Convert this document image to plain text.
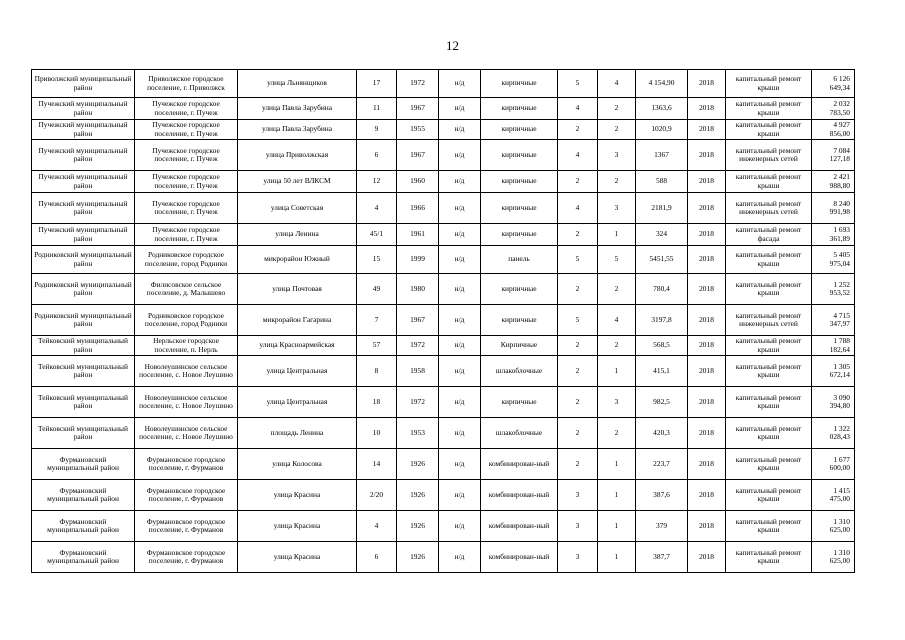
12
Приволжский муниципальный район	Приволжское городское поселение, г. Приволжск	улица Льнянщиков	17	1972	н/д	кирпичные	5	4	4 154,90	2018	капитальный ремонт крыши	6 126 649,34
Пучежский муниципальный район	Пучежское городское поселение, г. Пучеж	улица Павла Зарубина	11	1967	н/д	кирпичные	4	2	1363,6	2018	капитальный ремонт крыши	2 032 783,50
Пучежский муниципальный район	Пучежское городское поселение, г. Пучеж	улица Павла Зарубина	9	1955	н/д	кирпичные	2	2	1020,9	2018	капитальный ремонт крыши	4 927 856,00
Пучежский муниципальный район	Пучежское городское поселение, г. Пучеж	улица Приволжская	6	1967	н/д	кирпичные	4	3	1367	2018	капитальный ремонт инженерных сетей	7 084 127,18
Пучежский муниципальный район	Пучежское городское поселение, г. Пучеж	улица 50 лет ВЛКСМ	12	1960	н/д	кирпичные	2	2	588	2018	капитальный ремонт крыши	2 421 988,80
Пучежский муниципальный район	Пучежское городское поселение, г. Пучеж	улица Советская	4	1966	н/д	кирпичные	4	3	2181,9	2018	капитальный ремонт инженерных сетей	8 240 991,98
Пучежский муниципальный район	Пучежское городское поселение, г. Пучеж	улица Ленина	45/1	1961	н/д	кирпичные	2	1	324	2018	капитальный ремонт фасада	1 693 361,89
Родниковский муниципальный район	Родниковское городское поселение, город Родники	микрорайон Южный	15	1999	н/д	панель	5	5	5451,55	2018	капитальный ремонт крыши	5 405 975,04
Родниковский муниципальный район	Филисовское сельское поселение, д. Малышево	улица Почтовая	49	1980	н/д	кирпичные	2	2	780,4	2018	капитальный ремонт крыши	1 252 953,52
Родниковский муниципальный район	Родниковское городское поселение, город Родники	микрорайон Гагарина	7	1967	н/д	кирпичные	5	4	3197,8	2018	капитальный ремонт инженерных сетей	4 715 347,97
Тейковский муниципальный район	Нерльское городское поселение, п. Нерль	улица Красноармейская	57	1972	н/д	Кирпичные	2	2	568,5	2018	капитальный ремонт крыши	1 788 182,64
Тейковский муниципальный район	Новолеушинское сельское поселение, с. Новое Леушино	улица Центральная	8	1958	н/д	шлакоблочные	2	1	415,1	2018	капитальный ремонт крыши	1 305 672,14
Тейковский муниципальный район	Новолеушинское сельское поселение, с. Новое Леушино	улица Центральная	18	1972	н/д	кирпичные	2	3	982,5	2018	капитальный ремонт крыши	3 090 394,80
Тейковский муниципальный район	Новолеушинское сельское поселение, с. Новое Леушино	площадь Ленина	10	1953	н/д	шлакоблочные	2	2	420,3	2018	капитальный ремонт крыши	1 322 028,43
Фурмановский муниципальный район	Фурмановское городское поселение, г. Фурманов	улица Колосова	14	1926	н/д	комбинирован-ный	2	1	223,7	2018	капитальный ремонт крыши	1 677 600,00
Фурмановский муниципальный район	Фурмановское городское поселение, г. Фурманов	улица Красина	2/20	1926	н/д	комбинирован-ный	3	1	387,6	2018	капитальный ремонт крыши	1 415 475,00
Фурмановский муниципальный район	Фурмановское городское поселение, г. Фурманов	улица Красина	4	1926	н/д	комбинирован-ный	3	1	379	2018	капитальный ремонт крыши	1 310 625,00
Фурмановский муниципальный район	Фурмановское городское поселение, г. Фурманов	улица Красина	6	1926	н/д	комбинирован-ный	3	1	387,7	2018	капитальный ремонт крыши	1 310 625,00
